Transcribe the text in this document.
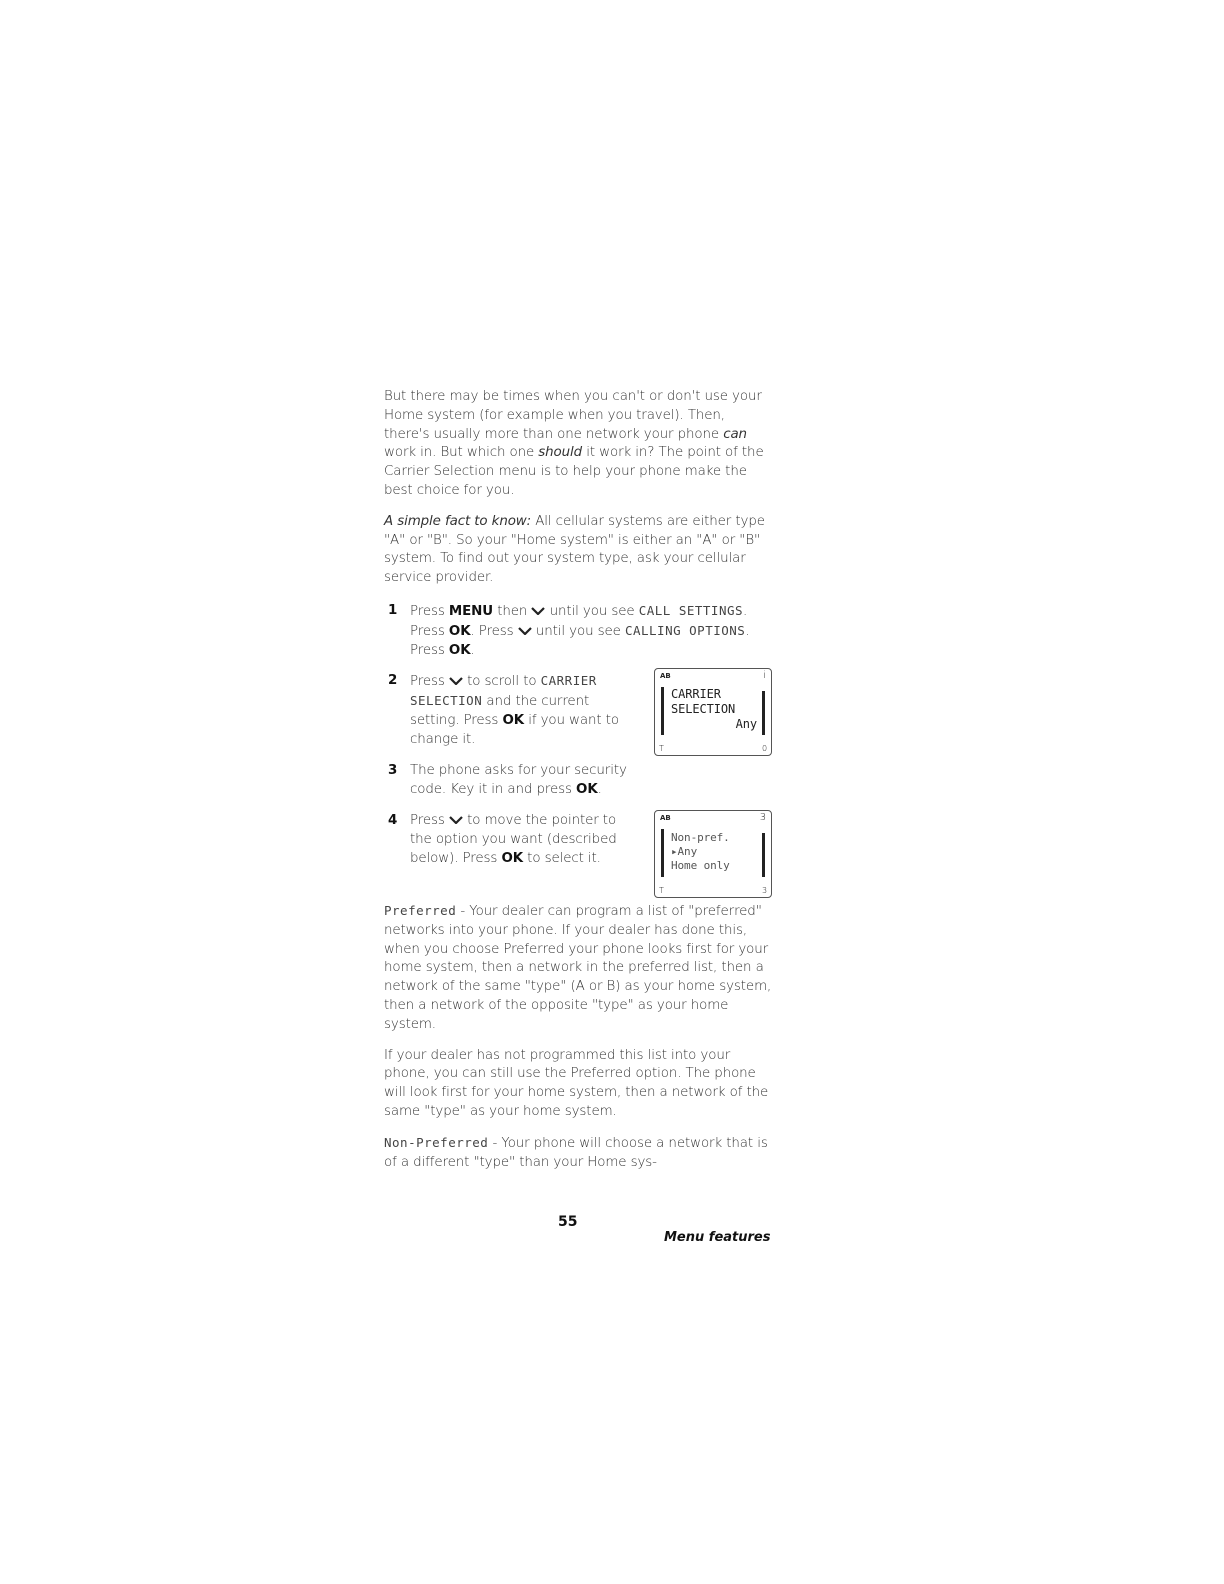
But there may be times when you can't or don't use your Home system (for example when you travel). Then, there's usually more than one network your phone can work in. But which one should it work in? The point of the Carrier Selection menu is to help your phone make the best choice for you.

A simple fact to know: All cellular systems are either type "A" or "B". So your "Home system" is either an "A" or "B" system. To find out your system type, ask your cellular service provider.

1 Press MENU then  until you see CALL SETTINGS. Press OK. Press  until you see CALLING OPTIONS. Press OK.
2 Press  to scroll to CARRIER SELECTION and the current setting. Press OK if you want to change it.
AB	i
CARRIER
SELECTION
Any
T	0
3 The phone asks for your security code. Key it in and press OK.
4 Press  to move the pointer to the option you want (described below). Press OK to select it.
AB	3
Non-pref.
▸Any
Home only
T	3

Preferred - Your dealer can program a list of "preferred" networks into your phone. If your dealer has done this, when you choose Preferred your phone looks first for your home system, then a network in the preferred list, then a network of the same "type" (A or B) as your home system, then a network of the opposite "type" as your home system.

If your dealer has not programmed this list into your phone, you can still use the Preferred option. The phone will look first for your home system, then a network of the same "type" as your home system.

Non-Preferred - Your phone will choose a network that is of a different "type" than your Home sys-

55
Menu features
